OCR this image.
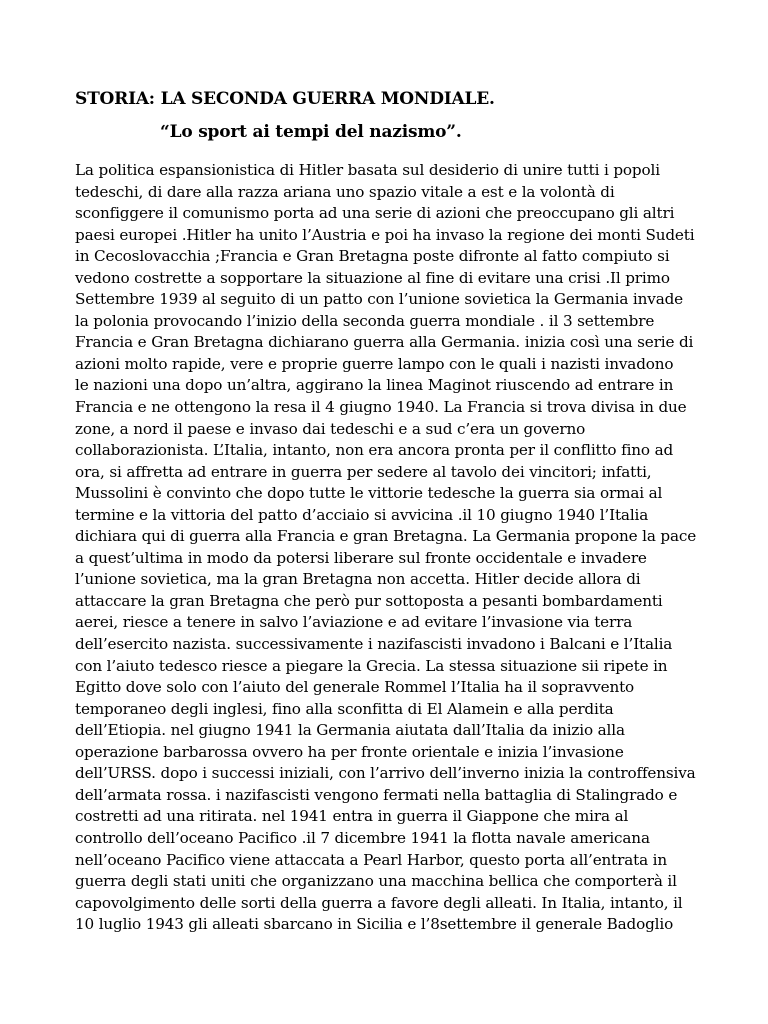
STORIA: LA SECONDA GUERRA MONDIALE.
“Lo sport ai tempi del nazismo”.
La politica espansionistica di Hitler basata sul desiderio di unire tutti i popoli
tedeschi, di dare alla razza ariana uno spazio vitale a est e la volontà di
sconfiggere il comunismo porta ad una serie di azioni che preoccupano gli altri
paesi europei .Hitler ha unito l’Austria e poi ha invaso la regione dei monti Sudeti
in Cecoslovacchia ;Francia e Gran Bretagna poste difronte al fatto compiuto si
vedono costrette a sopportare la situazione al fine di evitare una crisi .Il primo
Settembre 1939 al seguito di un patto con l’unione sovietica la Germania invade
la polonia provocando l’inizio della seconda guerra mondiale . il 3 settembre
Francia e Gran Bretagna dichiarano guerra alla Germania. inizia così una serie di
azioni molto rapide, vere e proprie guerre lampo con le quali i nazisti invadono
le nazioni una dopo un’altra, aggirano la linea Maginot riuscendo ad entrare in
Francia e ne ottengono la resa il 4 giugno 1940. La Francia si trova divisa in due
zone, a nord il paese e invaso dai tedeschi e a sud c’era un governo
collaborazionista. L’Italia, intanto, non era ancora pronta per il conflitto fino ad
ora, si affretta ad entrare in guerra per sedere al tavolo dei vincitori; infatti,
Mussolini è convinto che dopo tutte le vittorie tedesche la guerra sia ormai al
termine e la vittoria del patto d’acciaio si avvicina .il 10 giugno 1940 l’Italia
dichiara qui di guerra alla Francia e gran Bretagna. La Germania propone la pace
a quest’ultima in modo da potersi liberare sul fronte occidentale e invadere
l’unione sovietica, ma la gran Bretagna non accetta. Hitler decide allora di
attaccare la gran Bretagna che però pur sottoposta a pesanti bombardamenti
aerei, riesce a tenere in salvo l’aviazione e ad evitare l’invasione via terra
dell’esercito nazista. successivamente i nazifascisti invadono i Balcani e l’Italia
con l’aiuto tedesco riesce a piegare la Grecia. La stessa situazione sii ripete in
Egitto dove solo con l’aiuto del generale Rommel l’Italia ha il sopravvento
temporaneo degli inglesi, fino alla sconfitta di El Alamein e alla perdita
dell’Etiopia. nel giugno 1941 la Germania aiutata dall’Italia da inizio alla
operazione barbarossa ovvero ha per fronte orientale e inizia l’invasione
dell’URSS. dopo i successi iniziali, con l’arrivo dell’inverno inizia la controffensiva
dell’armata rossa. i nazifascisti vengono fermati nella battaglia di Stalingrado e
costretti ad una ritirata. nel 1941 entra in guerra il Giappone che mira al
controllo dell’oceano Pacifico .il 7 dicembre 1941 la flotta navale americana
nell’oceano Pacifico viene attaccata a Pearl Harbor, questo porta all’entrata in
guerra degli stati uniti che organizzano una macchina bellica che comporterà il
capovolgimento delle sorti della guerra a favore degli alleati. In Italia, intanto, il
10 luglio 1943 gli alleati sbarcano in Sicilia e l’8settembre il generale Badoglio
